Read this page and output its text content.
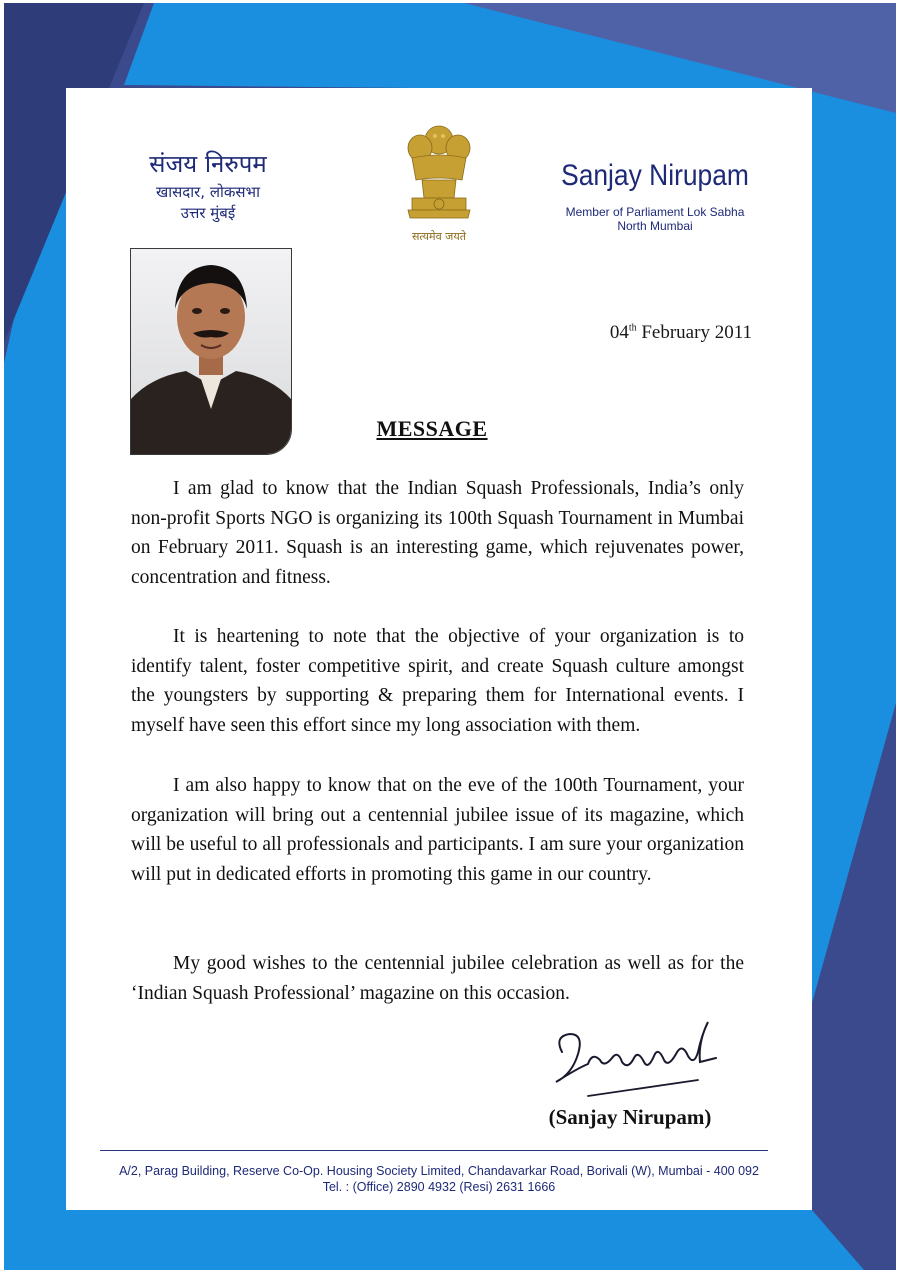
संजय निरुपम
खासदार, लोकसभा
उत्तर मुंबई
सत्यमेव जयते
Sanjay Nirupam
Member of Parliament Lok Sabha
North Mumbai
04th February 2011
MESSAGE

I am glad to know that the Indian Squash Professionals, India’s only non-profit Sports NGO is organizing its 100th Squash Tournament in Mumbai on February 2011. Squash is an interesting game, which rejuvenates power, concentration and fitness.

It is heartening to note that the objective of your organization is to identify talent, foster competitive spirit, and create Squash culture amongst the youngsters by supporting & preparing them for International events. I myself have seen this effort since my long association with them.

I am also happy to know that on the eve of the 100th Tournament, your organization will bring out a centennial jubilee issue of its magazine, which will be useful to all professionals and participants. I am sure your organization will put in dedicated efforts in promoting this game in our country.

My good wishes to the centennial jubilee celebration as well as for the ‘Indian Squash Professional’ magazine on this occasion.

(Sanjay Nirupam)
A/2, Parag Building, Reserve Co-Op. Housing Society Limited, Chandavarkar Road, Borivali (W), Mumbai - 400 092
Tel. : (Office) 2890 4932 (Resi) 2631 1666
